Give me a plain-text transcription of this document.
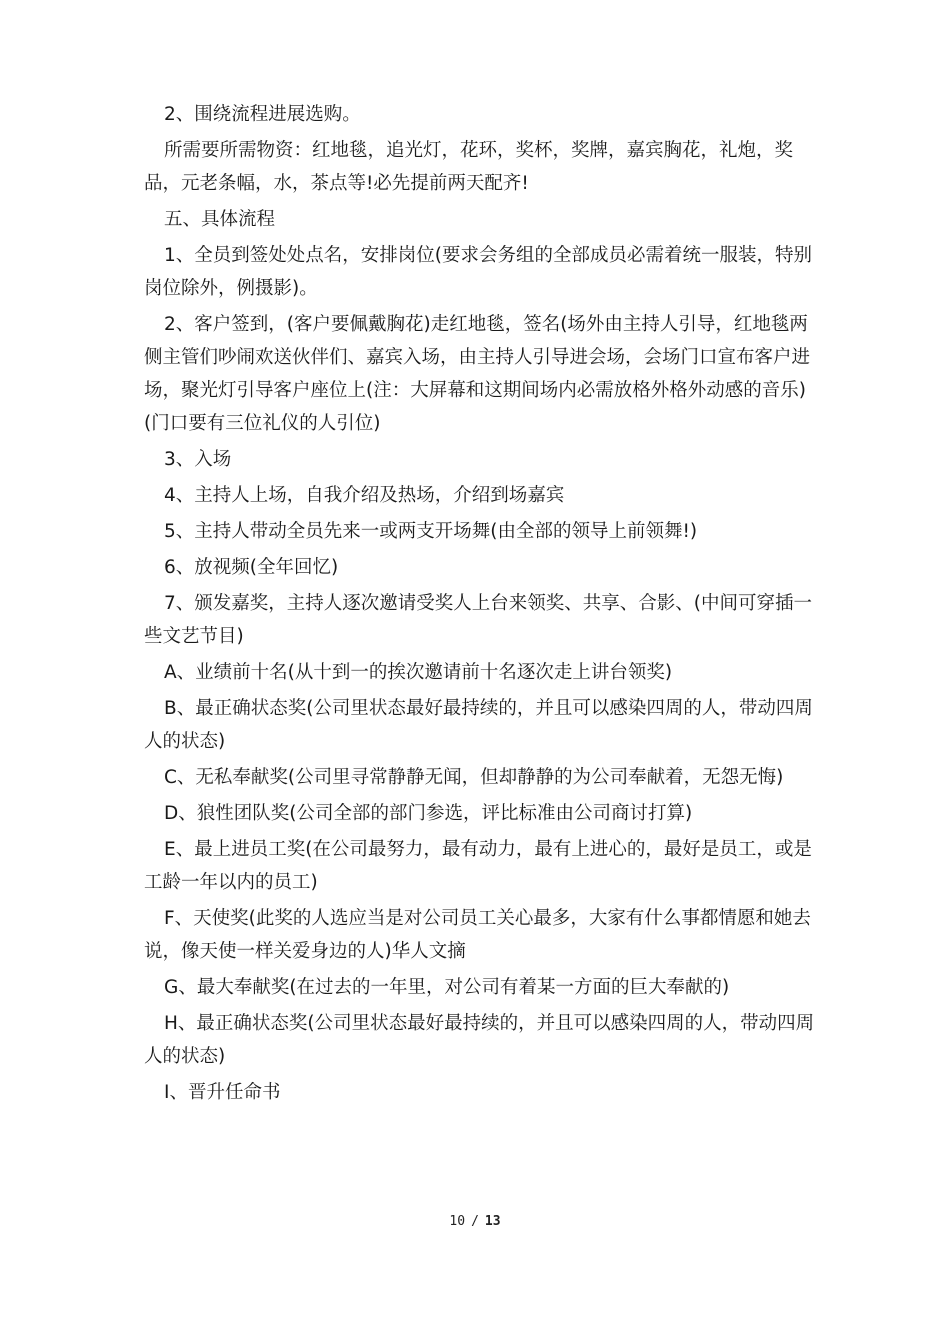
2、围绕流程进展选购。

所需要所需物资：红地毯，追光灯，花环，奖杯，奖牌，嘉宾胸花，礼炮，奖品，元老条幅，水，茶点等!必先提前两天配齐!

五、具体流程

1、全员到签处处点名，安排岗位(要求会务组的全部成员必需着统一服装，特别岗位除外，例摄影)。

2、客户签到，(客户要佩戴胸花)走红地毯，签名(场外由主持人引导，红地毯两侧主管们吵闹欢送伙伴们、嘉宾入场，由主持人引导进会场，会场门口宣布客户进场，聚光灯引导客户座位上(注：大屏幕和这期间场内必需放格外格外动感的音乐)(门口要有三位礼仪的人引位)

3、入场

4、主持人上场，自我介绍及热场，介绍到场嘉宾

5、主持人带动全员先来一或两支开场舞(由全部的领导上前领舞!)

6、放视频(全年回忆)

7、颁发嘉奖，主持人逐次邀请受奖人上台来领奖、共享、合影、(中间可穿插一些文艺节目)

A、业绩前十名(从十到一的挨次邀请前十名逐次走上讲台领奖)

B、最正确状态奖(公司里状态最好最持续的，并且可以感染四周的人，带动四周人的状态)

C、无私奉献奖(公司里寻常静静无闻，但却静静的为公司奉献着，无怨无悔)

D、狼性团队奖(公司全部的部门参选，评比标准由公司商讨打算)

E、最上进员工奖(在公司最努力，最有动力，最有上进心的，最好是员工，或是工龄一年以内的员工)

F、天使奖(此奖的人选应当是对公司员工关心最多，大家有什么事都情愿和她去说，像天使一样关爱身边的人)华人文摘

G、最大奉献奖(在过去的一年里，对公司有着某一方面的巨大奉献的)

H、最正确状态奖(公司里状态最好最持续的，并且可以感染四周的人，带动四周人的状态)

I、晋升任命书

10 / 13
